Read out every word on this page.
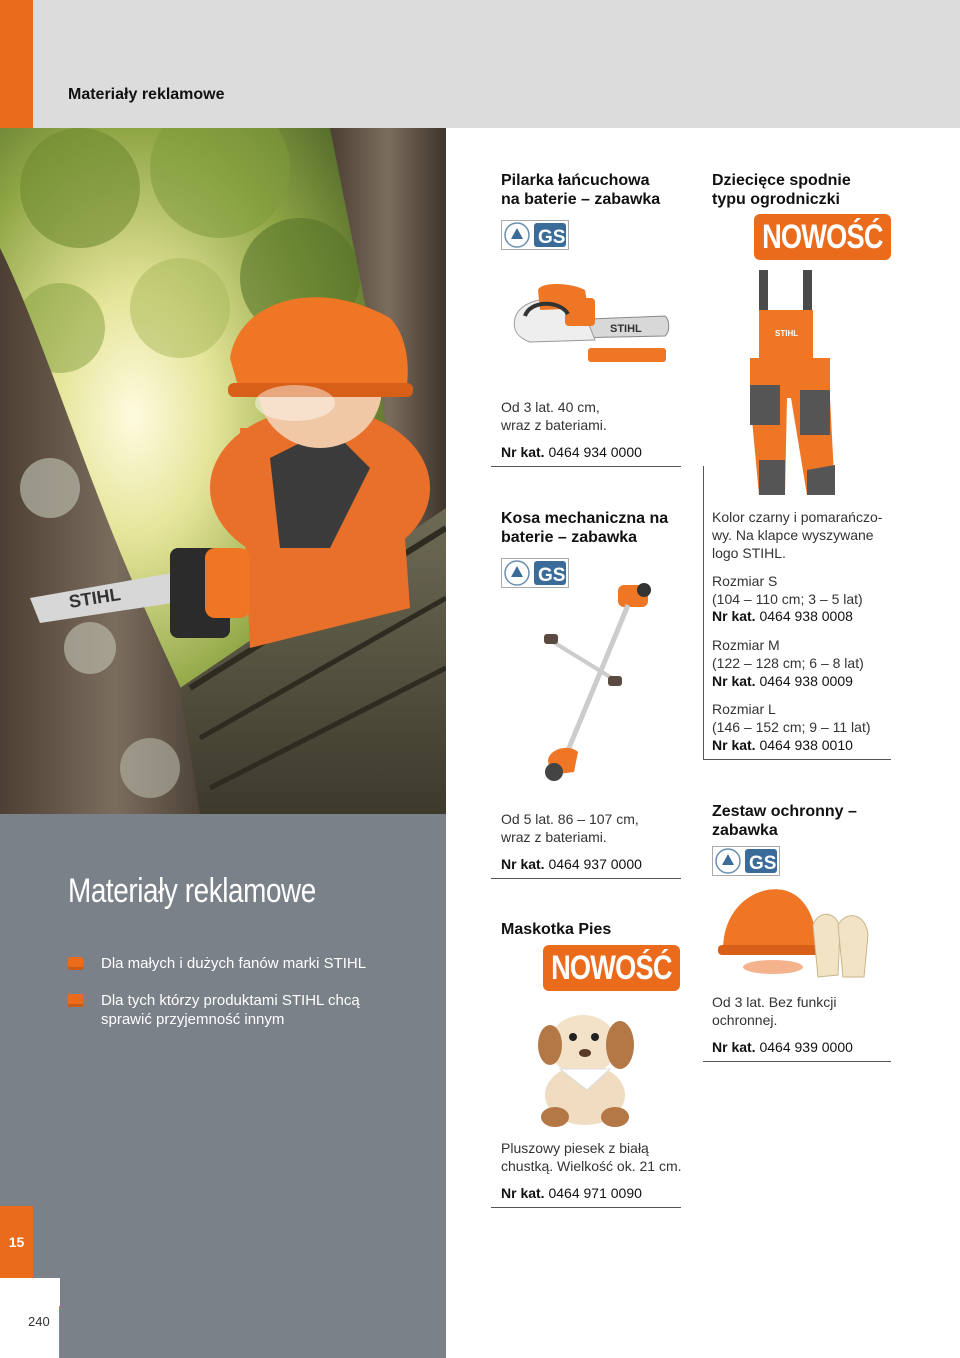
Materiały reklamowe
STIHL
Materiały reklamowe
Dla małych i dużych fanów marki STIHL
Dla tych którzy produktami STIHL chcą
sprawić przyjemność innym
15
240
Pilarka łańcuchowa
na baterie – zabawka
GS
STIHL
Od 3 lat. 40 cm,
wraz z bateriami.
Nr kat. 0464 934 0000
Dziecięce spodnie
typu ogrodniczki
NOWOŚĆ
STIHL
Kolor czarny i pomarańczo-
wy. Na klapce wyszywane
logo STIHL.
Rozmiar S
(104 – 110 cm; 3 – 5 lat)
Nr kat. 0464 938 0008
Rozmiar M
(122 – 128 cm; 6 – 8 lat)
Nr kat. 0464 938 0009
Rozmiar L
(146 – 152 cm; 9 – 11 lat)
Nr kat. 0464 938 0010
Kosa mechaniczna na
baterie – zabawka
GS
Od 5 lat. 86 – 107 cm,
wraz z bateriami.
Nr kat. 0464 937 0000
Zestaw ochronny –
zabawka
GS
Od 3 lat. Bez funkcji
ochronnej.
Nr kat. 0464 939 0000
Maskotka Pies
NOWOŚĆ
Pluszowy piesek z białą
chustką. Wielkość ok. 21 cm.
Nr kat. 0464 971 0090
